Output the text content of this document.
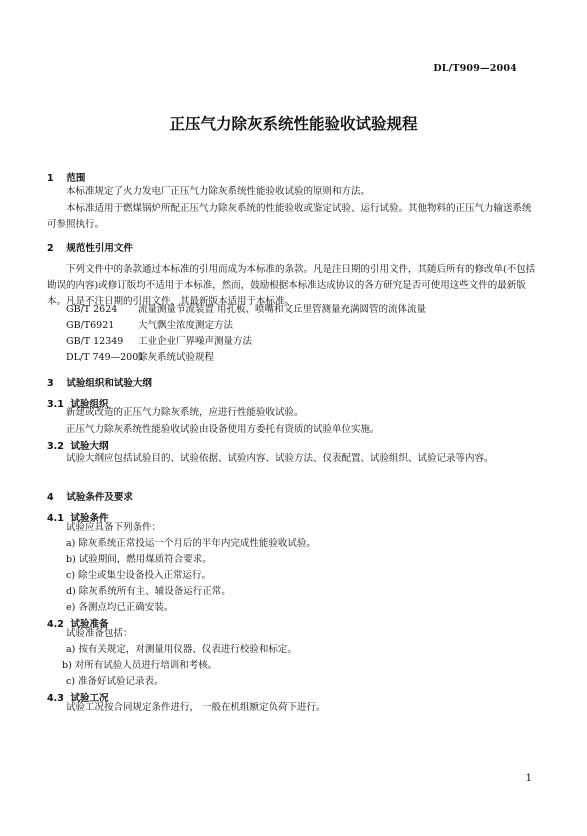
DL/T909—2004
正压气力除灰系统性能验收试验规程
1 范围
本标准规定了火力发电厂正压气力除灰系统性能验收试验的原则和方法。
本标准适用于燃煤锅炉所配正压气力除灰系统的性能验收或鉴定试验、运行试验。其他物料的正压气力输送系统可参照执行。
2 规范性引用文件
下列文件中的条款通过本标准的引用而成为本标准的条款。凡是注日期的引用文件，其随后所有的修改单(不包括勘误的内容)或修订版均不适用于本标准，然而，鼓励根据本标准达成协议的各方研究是否可使用这些文件的最新版本。凡是不注日期的引用文件，其最新版本适用于本标准。
GB/T 2624 流量测量节流装置 用孔板、喷嘴和文丘里管测量充满圆管的流体流量
GB/T6921 大气飘尘浓度测定方法
GB/T 12349 工业企业厂界噪声测量方法
DL/T 749—2001除灰系统试验规程
3 试验组织和试验大纲
3.1 试验组织
新建或改造的正压气力除灰系统，应进行性能验收试验。
正压气力除灰系统性能验收试验由设备使用方委托有资质的试验单位实施。
3.2 试验大纲
试验大纲应包括试验目的、试验依据、试验内容、试验方法、仪表配置、试验组织、试验记录等内容。
4 试验条件及要求
4.1 试验条件
试验应具备下列条件：
a) 除灰系统正常投运一个月后的半年内完成性能验收试验。
b) 试验期间，燃用煤质符合要求。
c) 除尘或集尘设备投入正常运行。
d) 除灰系统所有主、辅设备运行正常。
e) 各测点均已正确安装。
4.2 试验准备
试验准备包括：
a) 按有关规定，对测量用仪器、仪表进行校验和标定。
b) 对所有试验人员进行培训和考核。
c) 准备好试验记录表。
4.3 试验工况
试验工况按合同规定条件进行， 一般在机组额定负荷下进行。
1
